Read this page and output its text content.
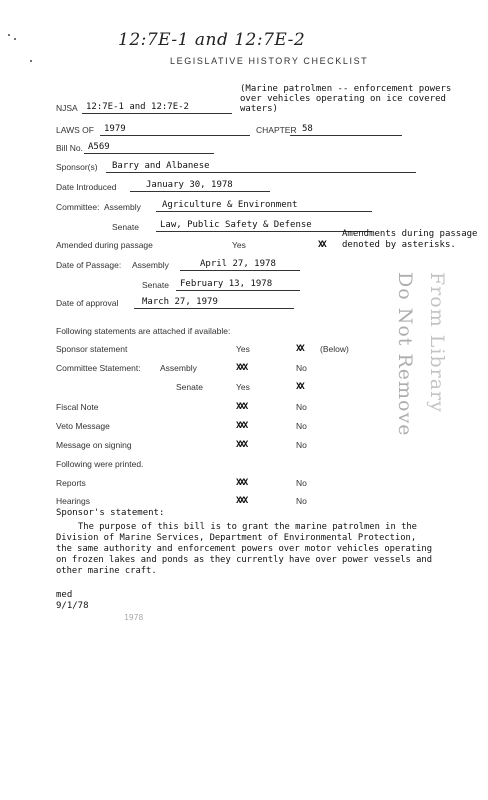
12:7E-1 and 12:7E-2
LEGISLATIVE HISTORY CHECKLIST
(Marine patrolmen -- enforcement powers
over vehicles operating on ice covered
waters)
NJSA 12:7E-1 and 12:7E-2
LAWS OF 1979	CHAPTER 58
Bill No. A569
Sponsor(s) Barry and Albanese
Date Introduced	January 30, 1978
Committee: Assembly Agriculture & Environment
Senate Law, Public Safety & Defense
Amended during passage	Yes	XX
Amendments during passage
denoted by asterisks.
Date of Passage: Assembly	April 27, 1978
Senate February 13, 1978
Date of approval	March 27, 1979
Following statements are attached if available:
Sponsor statement	Yes	XX (Below)
Committee Statement: Assembly	XXX	No
Senate	Yes	XX
Fiscal Note	XXX	No
Veto Message	XXX	No
Message on signing	XXX	No
Following were printed.
Reports	XXX	No
Hearings	XXX	No
Sponsor's statement:
The purpose of this bill is to grant the marine patrolmen in the
Division of Marine Services, Department of Environmental Protection,
the same authority and enforcement powers over motor vehicles operating
on frozen lakes and ponds as they currently have over power vessels and
other marine craft.
med
9/1/78
1978
Do Not Remove From Library
